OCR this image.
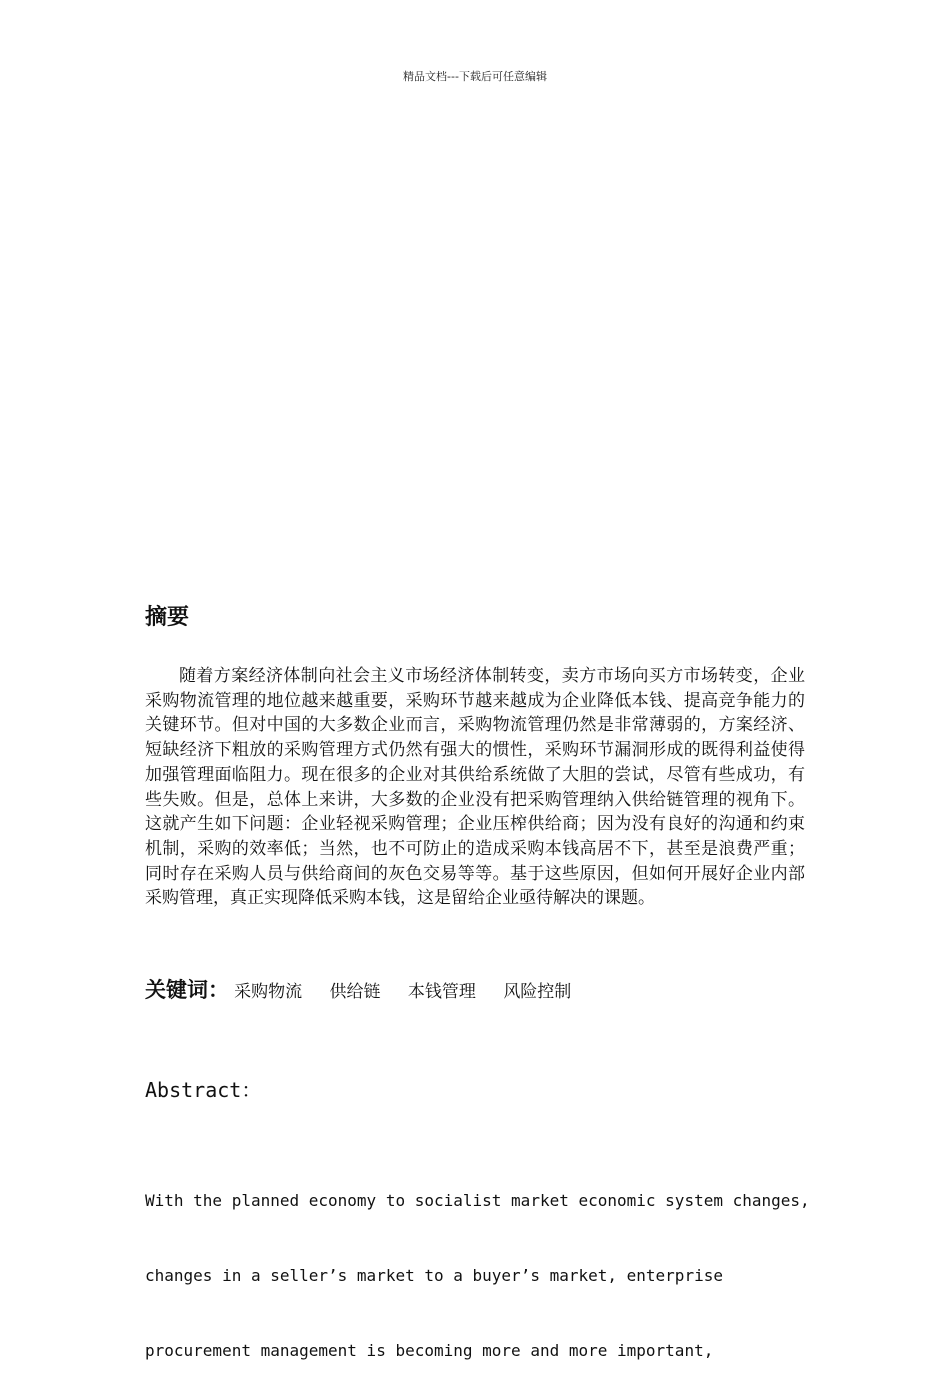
精品文档---下载后可任意编辑
摘要
随着方案经济体制向社会主义市场经济体制转变，卖方市场向买方市场转变，企业采购物流管理的地位越来越重要，采购环节越来越成为企业降低本钱、提高竞争能力的关键环节。但对中国的大多数企业而言，采购物流管理仍然是非常薄弱的，方案经济、短缺经济下粗放的采购管理方式仍然有强大的惯性，采购环节漏洞形成的既得利益使得加强管理面临阻力。现在很多的企业对其供给系统做了大胆的尝试，尽管有些成功，有些失败。但是，总体上来讲，大多数的企业没有把采购管理纳入供给链管理的视角下。这就产生如下问题：企业轻视采购管理；企业压榨供给商；因为没有良好的沟通和约束机制，采购的效率低；当然，也不可防止的造成采购本钱高居不下，甚至是浪费严重；同时存在采购人员与供给商间的灰色交易等等。基于这些原因，但如何开展好企业内部采购管理，真正实现降低采购本钱，这是留给企业亟待解决的课题。
关键词： 采购物流 供给链 本钱管理 风险控制
Abstract：

With the planned economy to socialist market economic system changes,

changes in a seller’s market to a buyer’s market, enterprise

procurement management is becoming more and more important,
